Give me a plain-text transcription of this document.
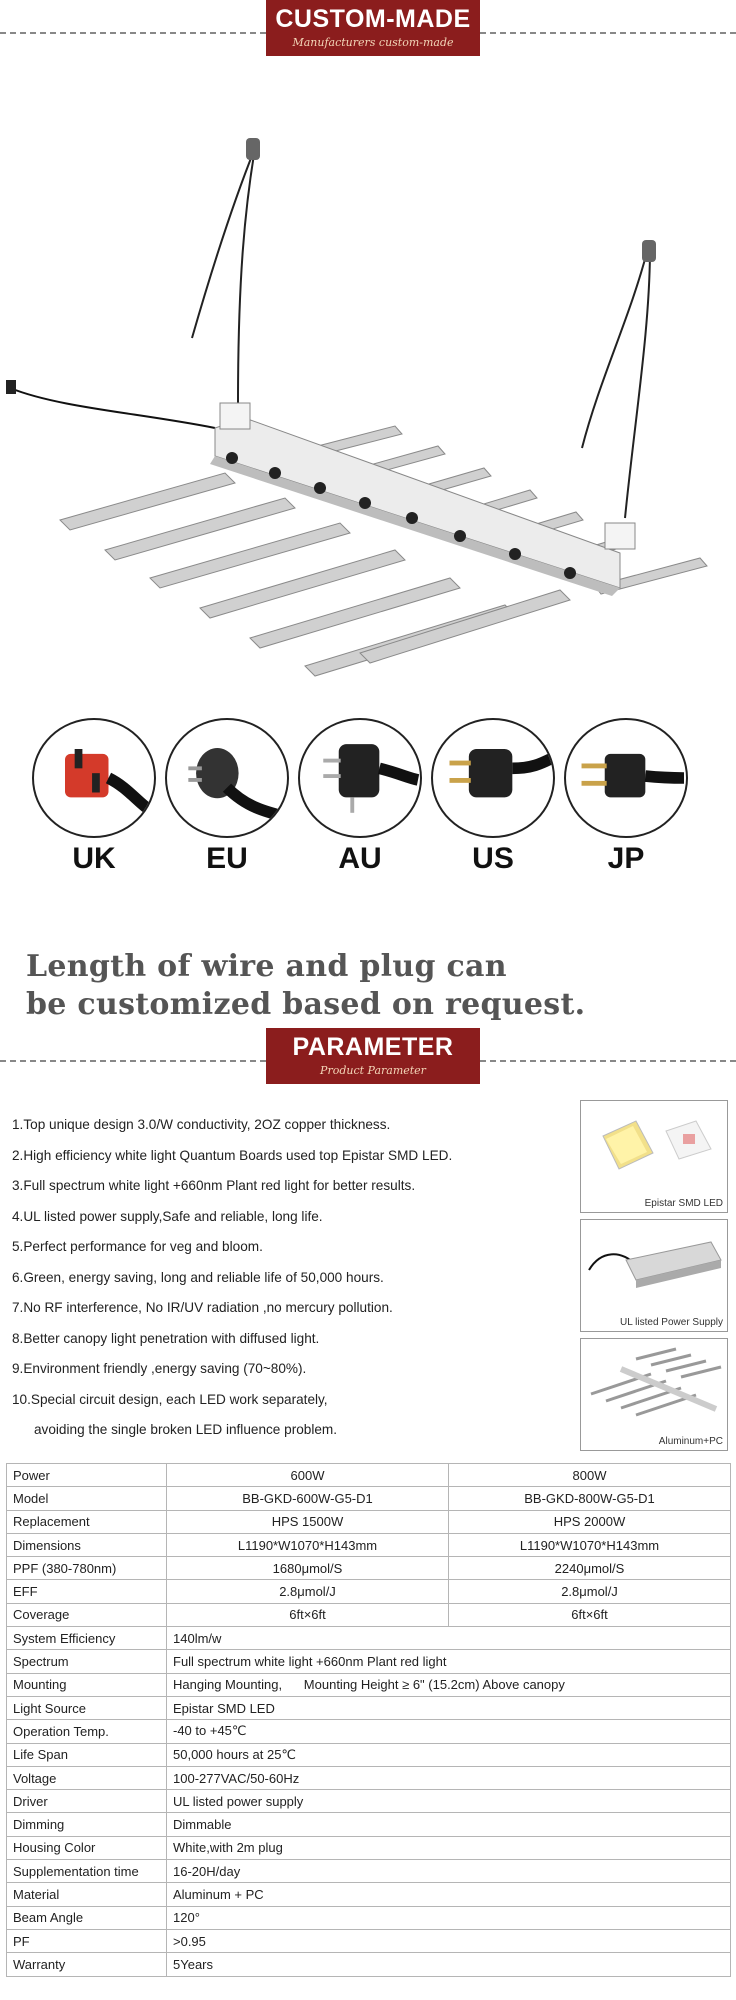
CUSTOM-MADE
Manufacturers custom-made
UK	EU	AU	US	JP
Length of wire and plug can
be customized based on request.
PARAMETER
Product Parameter
1.Top unique design 3.0/W conductivity, 2OZ copper thickness.
2.High efficiency white light Quantum Boards used top Epistar SMD LED.
3.Full spectrum white light +660nm Plant red light for better results.
4.UL listed power supply,Safe and reliable, long life.
5.Perfect performance for veg and bloom.
6.Green, energy saving, long and reliable life of 50,000 hours.
7.No RF interference, No IR/UV radiation ,no mercury pollution.
8.Better canopy light penetration with diffused light.
9.Environment friendly ,energy saving (70~80%).
10.Special circuit design, each LED work separately,
avoiding the single broken LED influence problem.
Epistar SMD LED
UL listed Power Supply
Aluminum+PC
Power	600W	800W
Model	BB-GKD-600W-G5-D1	BB-GKD-800W-G5-D1
Replacement	HPS 1500W	HPS 2000W
Dimensions	L1190*W1070*H143mm	L1190*W1070*H143mm
PPF (380-780nm)	1680μmol/S	2240μmol/S
EFF	2.8μmol/J	2.8μmol/J
Coverage	6ft×6ft	6ft×6ft
System Efficiency	140lm/w	
Spectrum	Full spectrum white light +660nm Plant red light	
Mounting	Hanging Mounting,      Mounting Height ≥ 6" (15.2cm) Above canopy	
Light Source	Epistar SMD LED	
Operation Temp.	-40 to +45℃	
Life Span	50,000 hours at 25℃	
Voltage	100-277VAC/50-60Hz	
Driver	UL listed power supply	
Dimming	Dimmable	
Housing Color	White,with 2m plug	
Supplementation time	16-20H/day	
Material	Aluminum + PC	
Beam Angle	120°	
PF	>0.95	
Warranty	5Years	
